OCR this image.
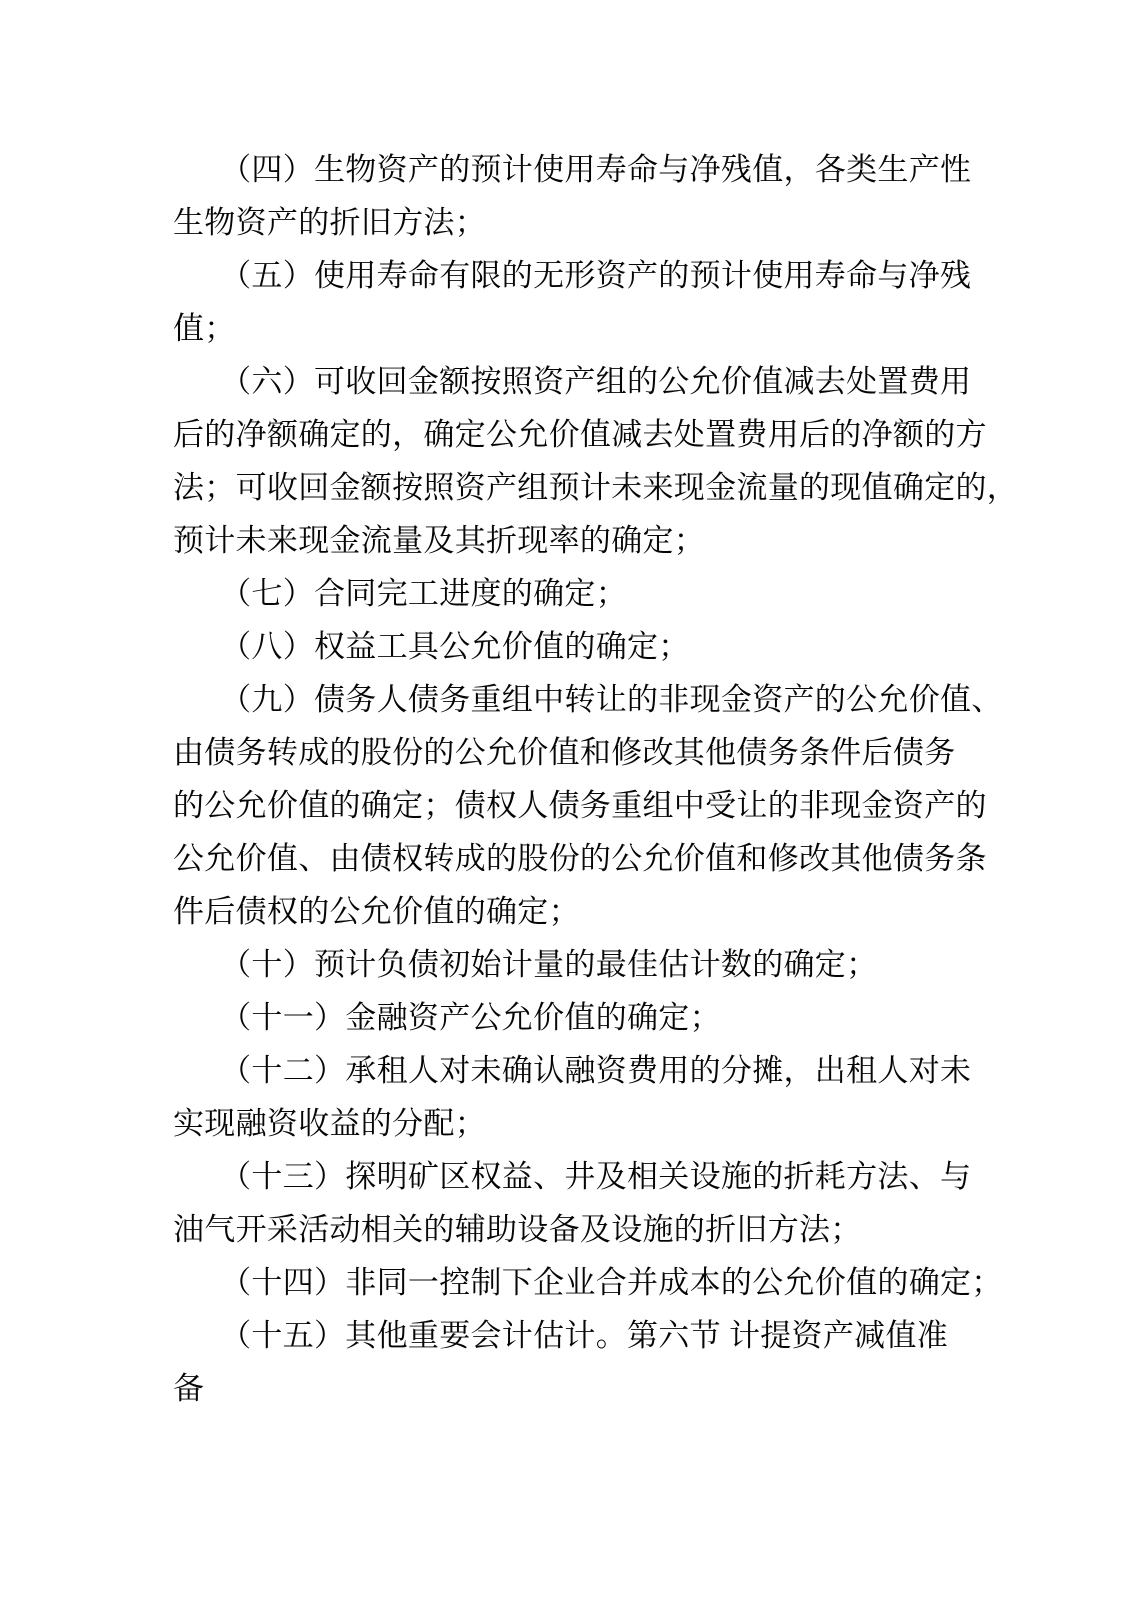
　　（四）生物资产的预计使用寿命与净残值，各类生产性
生物资产的折旧方法；
　　（五）使用寿命有限的无形资产的预计使用寿命与净残
值；
　　（六）可收回金额按照资产组的公允价值减去处置费用
后的净额确定的，确定公允价值减去处置费用后的净额的方
法；可收回金额按照资产组预计未来现金流量的现值确定的，
预计未来现金流量及其折现率的确定；
　　（七）合同完工进度的确定；
　　（八）权益工具公允价值的确定；
　　（九）债务人债务重组中转让的非现金资产的公允价值、
由债务转成的股份的公允价值和修改其他债务条件后债务
的公允价值的确定；债权人债务重组中受让的非现金资产的
公允价值、由债权转成的股份的公允价值和修改其他债务条
件后债权的公允价值的确定；
　　（十）预计负债初始计量的最佳估计数的确定；
　　（十一）金融资产公允价值的确定；
　　（十二）承租人对未确认融资费用的分摊，出租人对未
实现融资收益的分配；
　　（十三）探明矿区权益、井及相关设施的折耗方法、与
油气开采活动相关的辅助设备及设施的折旧方法；
　　（十四）非同一控制下企业合并成本的公允价值的确定；
　　（十五）其他重要会计估计。第六节 计提资产减值准
备
